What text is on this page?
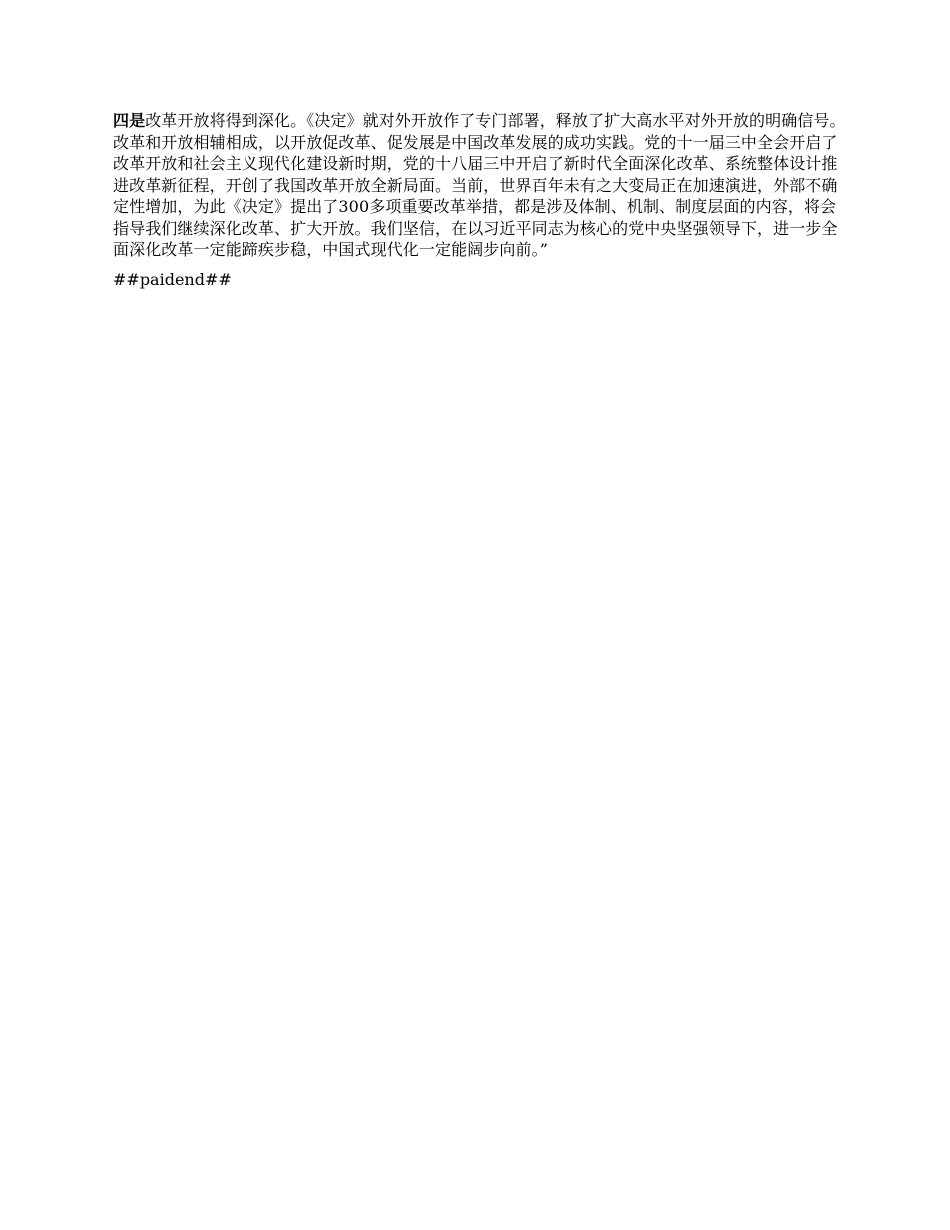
四是改革开放将得到深化。《决定》就对外开放作了专门部署，释放了扩大高水平对外开放的明确信号。改革和开放相辅相成，以开放促改革、促发展是中国改革发展的成功实践。党的十一届三中全会开启了改革开放和社会主义现代化建设新时期，党的十八届三中开启了新时代全面深化改革、系统整体设计推进改革新征程，开创了我国改革开放全新局面。当前，世界百年未有之大变局正在加速演进，外部不确定性增加，为此《决定》提出了300多项重要改革举措，都是涉及体制、机制、制度层面的内容，将会指导我们继续深化改革、扩大开放。我们坚信，在以习近平同志为核心的党中央坚强领导下，进一步全面深化改革一定能蹄疾步稳，中国式现代化一定能阔步向前。”

##paidend##
